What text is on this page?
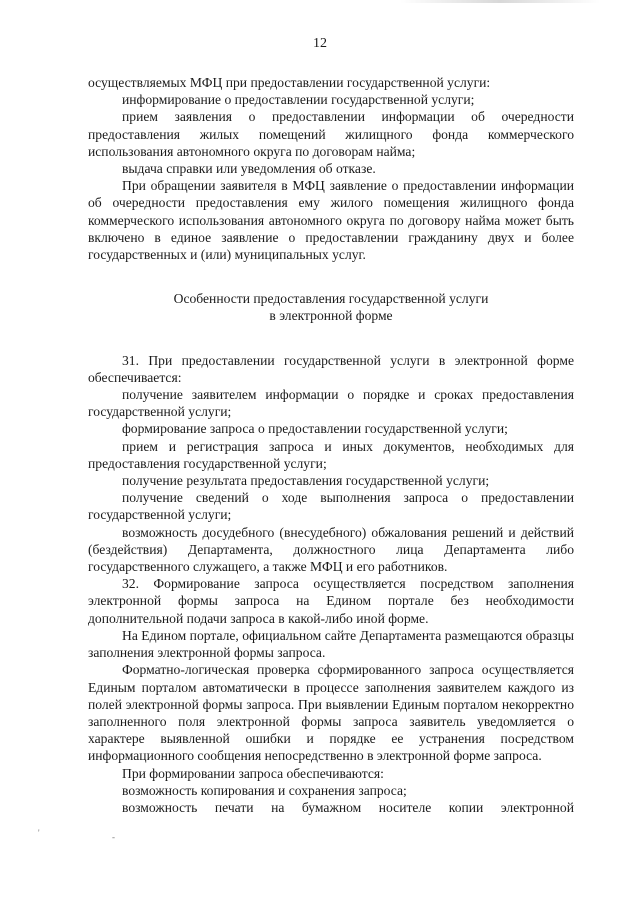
12

осуществляемых МФЦ при предоставлении государственной услуги:

информирование о предоставлении государственной услуги;

прием заявления о предоставлении информации об очередности предоставления жилых помещений жилищного фонда коммерческого использования автономного округа по договорам найма;

выдача справки или уведомления об отказе.

При обращении заявителя в МФЦ заявление о предоставлении информации об очередности предоставления ему жилого помещения жилищного фонда коммерческого использования автономного округа по договору найма может быть включено в единое заявление о предоставлении гражданину двух и более государственных и (или) муниципальных услуг.

Особенности предоставления государственной услуги
в электронной форме

31. При предоставлении государственной услуги в электронной форме обеспечивается:

получение заявителем информации о порядке и сроках предоставления государственной услуги;

формирование запроса о предоставлении государственной услуги;

прием и регистрация запроса и иных документов, необходимых для предоставления государственной услуги;

получение результата предоставления государственной услуги;

получение сведений о ходе выполнения запроса о предоставлении государственной услуги;

возможность досудебного (внесудебного) обжалования решений и действий (бездействия) Департамента, должностного лица Департамента либо государственного служащего, а также МФЦ и его работников.

32. Формирование запроса осуществляется посредством заполнения электронной формы запроса на Едином портале без необходимости дополнительной подачи запроса в какой-либо иной форме.

На Едином портале, официальном сайте Департамента размещаются образцы заполнения электронной формы запроса.

Форматно-логическая проверка сформированного запроса осуществляется Единым порталом автоматически в процессе заполнения заявителем каждого из полей электронной формы запроса. При выявлении Единым порталом некорректно заполненного поля электронной формы запроса заявитель уведомляется о характере выявленной ошибки и порядке ее устранения посредством информационного сообщения непосредственно в электронной форме запроса.

При формировании запроса обеспечиваются:

возможность копирования и сохранения запроса;

возможность печати на бумажном носителе копии электронной

'	-
